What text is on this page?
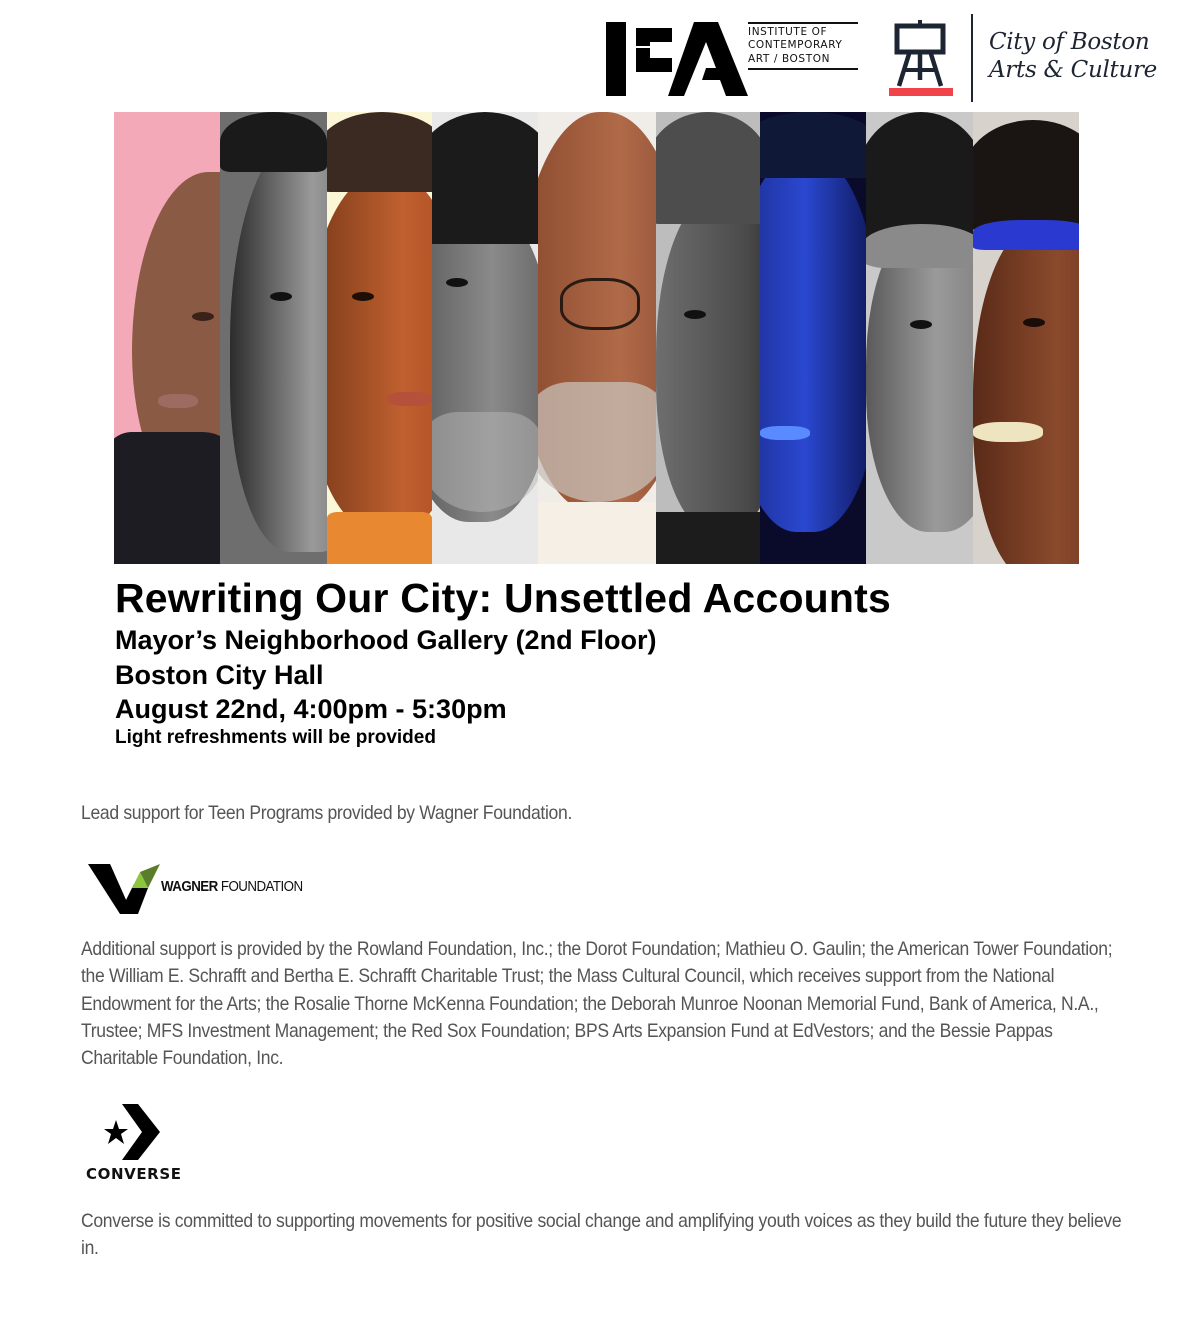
INSTITUTE OF
CONTEMPORARY
ART / BOSTON
City of Boston
Arts & Culture
Rewriting Our City: Unsettled Accounts
Mayor’s Neighborhood Gallery (2nd Floor)
Boston City Hall
August 22nd, 4:00pm - 5:30pm
Light refreshments will be provided
Lead support for Teen Programs provided by Wagner Foundation.
WAGNER FOUNDATION
Additional support is provided by the Rowland Foundation, Inc.; the Dorot Foundation; Mathieu O. Gaulin; the American Tower Foundation; the William E. Schrafft and Bertha E. Schrafft Charitable Trust; the Mass Cultural Council, which receives support from the National Endowment for the Arts; the Rosalie Thorne McKenna Foundation; the Deborah Munroe Noonan Memorial Fund, Bank of America, N.A., Trustee; MFS Investment Management; the Red Sox Foundation; BPS Arts Expansion Fund at EdVestors; and the Bessie Pappas Charitable Foundation, Inc.
CONVERSE
Converse is committed to supporting movements for positive social change and amplifying youth voices as they build the future they believe in.
